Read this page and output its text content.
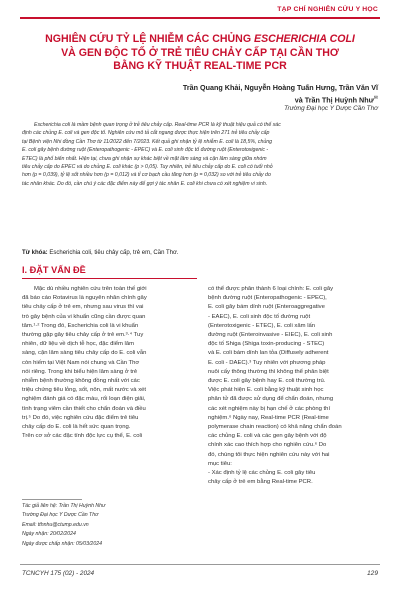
TẠP CHÍ NGHIÊN CỨU Y HỌC
NGHIÊN CỨU TỶ LỆ NHIỄM CÁC CHỦNG ESCHERICHIA COLI
VÀ GEN ĐỘC TỐ Ở TRẺ TIÊU CHẢY CẤP TẠI CẦN THƠ
BẰNG KỸ THUẬT REAL-TIME PCR
Trần Quang Khải, Nguyễn Hoàng Tuấn Hưng, Trần Văn Vĩ
và Trần Thị Huỳnh Như✉
Trường Đại học Y Dược Cần Thơ
Escherichia coli là mầm bệnh quan trọng ở trẻ tiêu chảy cấp. Real-time PCR là kỹ thuật hiệu quả có thể xác
định các chủng E. coli và gen độc tố. Nghiên cứu mô tả cắt ngang được thực hiện trên 271 trẻ tiêu chảy cấp
tại Bệnh viện Nhi đồng Cần Thơ từ 11/2022 đến 7/2023. Kết quả ghi nhận tỷ lệ nhiễm E. coli là 18,5%, chủng
E. coli gây bệnh đường ruột (Enteropathogenic - EPEC) và E. coli sinh độc tố đường ruột (Enterotoxigenic -
ETEC) là phổ biến nhất. Hiện tại, chưa ghi nhận sự khác biệt về mặt lâm sàng và cận lâm sàng giữa nhóm
tiêu chảy cấp do EPEC và do chủng E. coli khác (p > 0,05). Tuy nhiên, trẻ tiêu chảy cấp do E. coli có tuổi nhỏ
hơn (p = 0,039), tỷ lệ sốt nhiều hơn (p = 0,012) và tỉ cơ bạch cầu tăng hơn (p = 0,032) so với trẻ tiêu chảy do
tác nhân khác. Do đó, cần chú ý các đặc điểm này để gợi ý tác nhân E. coli khi chưa có xét nghiệm vi sinh.
Từ khóa: Escherichia coli, tiêu chảy cấp, trẻ em, Cần Thơ.
I. ĐẶT VẤN ĐỀ
Mặc dù nhiều nghiên cứu trên toàn thế giới
đã báo cáo Rotavirus là nguyên nhân chính gây
tiêu chảy cấp ở trẻ em, nhưng sau virus thì vai
trò gây bệnh của vi khuẩn cũng cần được quan
tâm.¹·² Trong đó, Escherichia coli là vi khuẩn
thường gặp gây tiêu chảy cấp ở trẻ em.³·⁴ Tuy
nhiên, dữ liệu về dịch tễ học, đặc điểm lâm
sàng, cận lâm sàng tiêu chảy cấp do E. coli vẫn
còn hiếm tại Việt Nam nói chung và Cần Thơ
nói riêng. Trong khi biểu hiện lâm sàng ở trẻ
nhiễm bệnh thường không đồng nhất với các
triệu chứng tiêu lỏng, sốt, nôn, mất nước và xét
nghiệm đánh giá có đặc màu, rối loạn điện giải,
tình trạng viêm cần thiết cho chẩn đoán và điều
trị.⁵ Do đó, việc nghiên cứu đặc điểm trẻ tiêu
chảy cấp do E. coli là hết sức quan trọng.
Trên cơ sở các đặc tính độc lực cụ thể, E. coli
có thể được phân thành 6 loại chính: E. coli gây
bệnh đường ruột (Enteropathogenic - EPEC),
E. coli gây bám dính ruột (Enteroaggregative
- EAEC), E. coli sinh độc tố đường ruột
(Enterotoxigenic - ETEC), E. coli xâm lấn
đường ruột (Enteroinvasive - EIEC), E. coli sinh
độc tố Shiga (Shiga toxin-producing - STEC)
và E. coli bám dính lan tỏa (Diffusely adherent
E. coli - DAEC).³ Tuy nhiên với phương pháp
nuôi cấy thông thường thì không thể phân biệt
được E. coli gây bệnh hay E. coli thường trú.
Việc phát hiện E. coli bằng kỹ thuật sinh học
phân tử đã được sử dụng để chẩn đoán, nhưng
các xét nghiệm này bị hạn chế ở các phòng thí
nghiệm.⁶ Ngày nay, Real-time PCR (Real-time
polymerase chain reaction) có khả năng chẩn đoán
các chủng E. coli và các gen gây bệnh với độ
chính xác cao thích hợp cho nghiên cứu.⁶ Do
đó, chúng tôi thực hiện nghiên cứu này với hai
mục tiêu:
- Xác định tỷ lệ các chủng E. coli gây tiêu
chảy cấp ở trẻ em bằng Real-time PCR.
Tác giả liên hệ: Trần Thị Huỳnh Như
Trường Đại học Y Dược Cần Thơ
Email: tthnhu@ctump.edu.vn
Ngày nhận: 20/02/2024
Ngày được chấp nhận: 05/03/2024
TCNCYH 175 (02) - 2024	129
